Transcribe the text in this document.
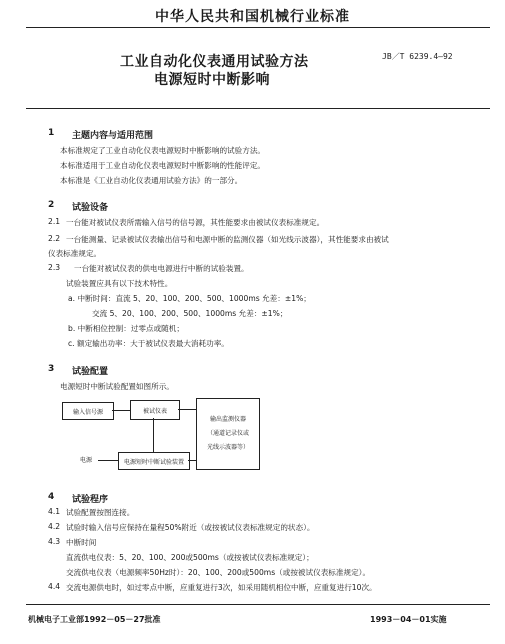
中华人民共和国机械行业标准
工业自动化仪表通用试验方法	JB／T 6239.4—92
电源短时中断影响
1 主题内容与适用范围
本标准规定了工业自动化仪表电源短时中断影响的试验方法。
本标准适用于工业自动化仪表电源短时中断影响的性能评定。
本标准是《工业自动化仪表通用试验方法》的一部分。
2 试验设备
2.1 一台能对被试仪表所需输入信号的信号源，其性能要求由被试仪表标准规定。
2.2 一台能测量、记录被试仪表输出信号和电源中断的监测仪器（如光线示波器），其性能要求由被试
仪表标准规定。
2.3 一台能对被试仪表的供电电源进行中断的试验装置。
试验装置应具有以下技术特性。
a. 中断时间：直流 5、20、100、200、500、1000ms 允差：±1%；
交流 5、20、100、200、500、1000ms 允差：±1%；
b. 中断相位控制：过零点或随机；
c. 额定输出功率：大于被试仪表最大消耗功率。
3 试验配置
电源短时中断试验配置如图所示。
输入信号源	被试仪表
输出监测仪器
（通道记录仪或
光线示波器等）
电源短时中断试验装置
电源
4 试验程序
4.1 试验配置按图连接。
4.2 试验时输入信号应保持在量程50%附近（或按被试仪表标准规定的状态）。
4.3 中断时间
直流供电仪表：5、20、100、200或500ms（或按被试仪表标准规定）；
交流供电仪表（电源频率50Hz时）：20、100、200或500ms（或按被试仪表标准规定）。
4.4 交流电源供电时，如过零点中断，应重复进行3次，如采用随机相位中断，应重复进行10次。
机械电子工业部1992－05－27批准	1993－04－01实施
